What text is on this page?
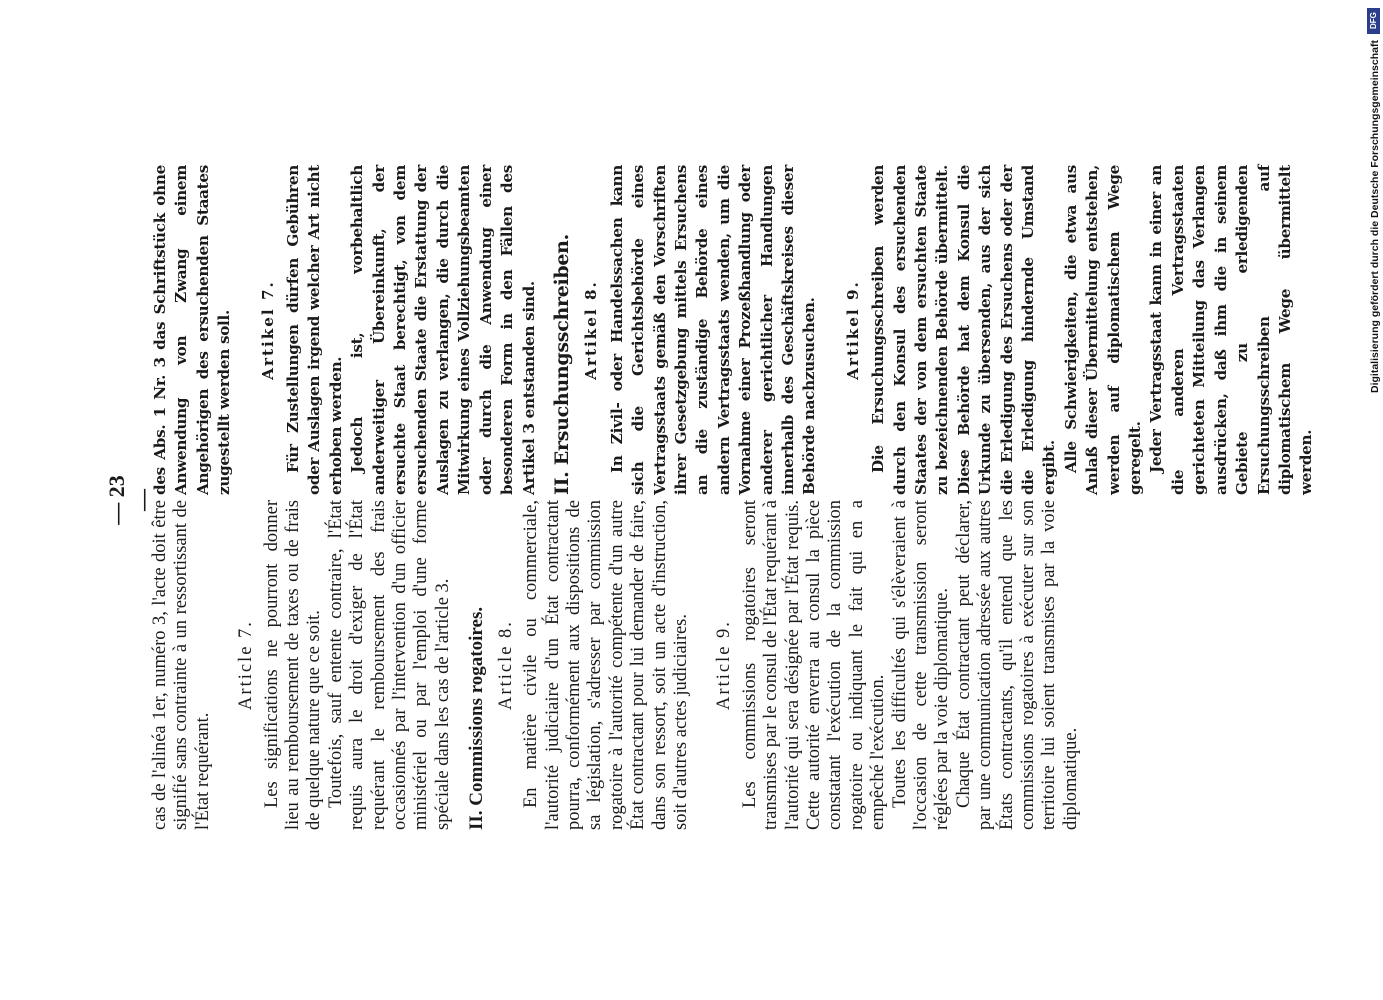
— 23 —

cas de l'alinéa 1er, numéro 3, l'acte doit être signifié sans contrainte à un ressortissant de l'État requérant.

Article 7. Les significations ne pourront donner lieu au remboursement de taxes ou de frais de quelque nature que ce soit. Toutefois, sauf entente contraire, l'État requis aura le droit d'exiger de l'État requérant le remboursement des frais occasionnés par l'intervention d'un officier ministériel ou par l'emploi d'une forme spéciale dans les cas de l'article 3. II. Commissions rogatoires. Article 8. En matière civile ou commerciale, l'autorité judiciaire d'un État contractant pourra, conformément aux dispositions de sa législation, s'adresser par commission rogatoire à l'autorité compétente d'un autre État contractant pour lui demander de faire, dans son ressort, soit un acte d'instruction, soit d'autres actes judiciaires. Article 9. Les commissions rogatoires seront transmises par le consul de l'État requérant à l'autorité qui sera désignée par l'État requis. Cette autorité enverra au consul la pièce constatant l'exécution de la commission rogatoire ou indiquant le fait qui en a empêché l'exécution. Toutes les difficultés qui s'élèveraient à l'occasion de cette transmission seront réglées par la voie diplomatique. Chaque État contractant peut déclarer, par une communication adressée aux autres États contractants, qu'il entend que les commissions rogatoires à exécuter sur son territoire lui soient transmises par la voie diplomatique.

des Abs. 1 Nr. 3 das Schriftstück ohne Anwendung von Zwang einem Angehörigen des ersuchenden Staates zugestellt werden soll. Artikel 7. Für Zustellungen dürfen Gebühren oder Auslagen irgend welcher Art nicht erhoben werden. Jedoch ist, vorbehaltlich anderweitiger Übereinkunft, der ersuchte Staat berechtigt, von dem ersuchenden Staate die Erstattung der Auslagen zu verlangen, die durch die Mitwirkung eines Vollziehungsbeamten oder durch die Anwendung einer besonderen Form in den Fällen des Artikel 3 entstanden sind. II. Ersuchungsschreiben. Artikel 8. In Zivil- oder Handelssachen kann sich die Gerichtsbehörde eines Vertragsstaats gemäß den Vorschriften ihrer Gesetzgebung mittels Ersuchens an die zuständige Behörde eines andern Vertragsstaats wenden, um die Vornahme einer Prozeßhandlung oder anderer gerichtlicher Handlungen innerhalb des Geschäftskreises dieser Behörde nachzusuchen. Artikel 9. Die Ersuchungsschreiben werden durch den Konsul des ersuchenden Staates der von dem ersuchten Staate zu bezeichnenden Behörde übermittelt. Diese Behörde hat dem Konsul die Urkunde zu übersenden, aus der sich die Erledigung des Ersuchens oder der die Erledigung hindernde Umstand ergibt. Alle Schwierigkeiten, die etwa aus Anlaß dieser Übermittelung entstehen, werden auf diplomatischem Wege geregelt. Jeder Vertragsstaat kann in einer an die anderen Vertragsstaaten gerichteten Mitteilung das Verlangen ausdrücken, daß ihm die in seinem Gebiete zu erledigenden Ersuchungsschreiben auf diplomatischem Wege übermittelt werden.

DFG
Digitalisierung gefördert durch die Deutsche Forschungsgemeinschaft
